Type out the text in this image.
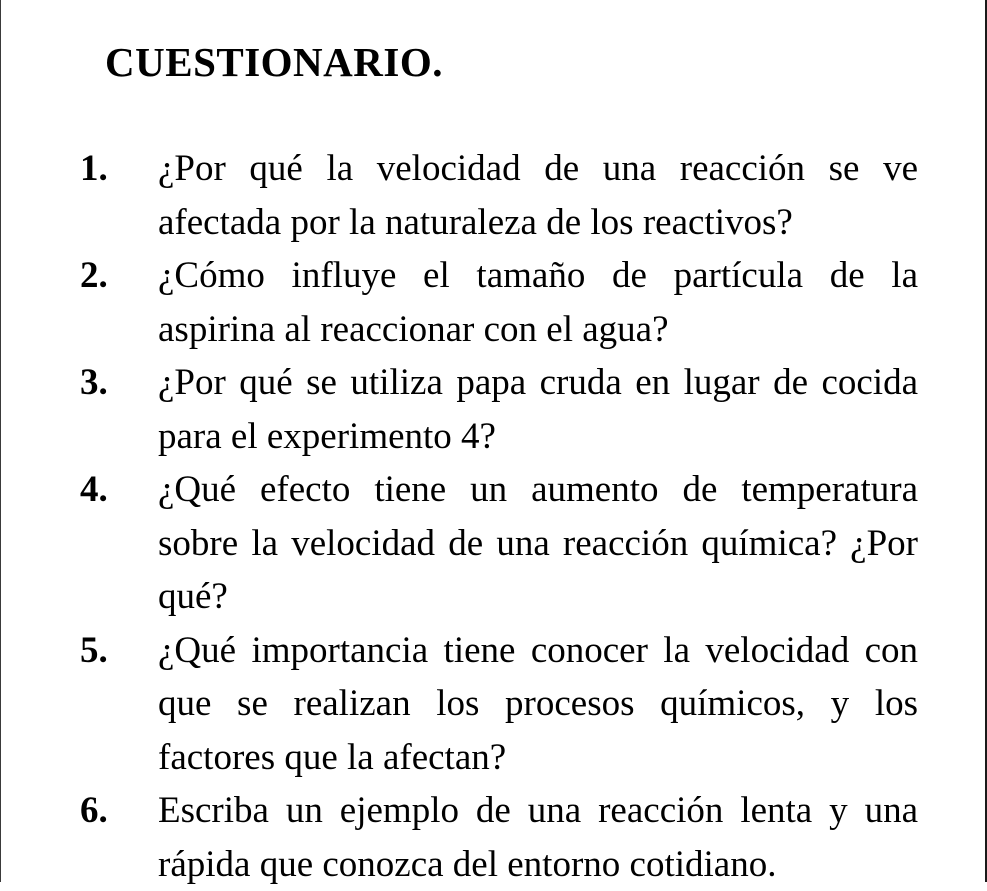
CUESTIONARIO.
1.	¿Por qué la velocidad de una reacción se ve afectada por la naturaleza de los reactivos?
2.	¿Cómo influye el tamaño de partícula de la aspirina al reaccionar con el agua?
3.	¿Por qué se utiliza papa cruda en lugar de cocida para el experimento 4?
4.	¿Qué efecto tiene un aumento de temperatura sobre la velocidad de una reacción química? ¿Por qué?
5.	¿Qué importancia tiene conocer la velocidad con que se realizan los procesos químicos, y los factores que la afectan?
6.	Escriba un ejemplo de una reacción lenta y una rápida que conozca del entorno cotidiano.
